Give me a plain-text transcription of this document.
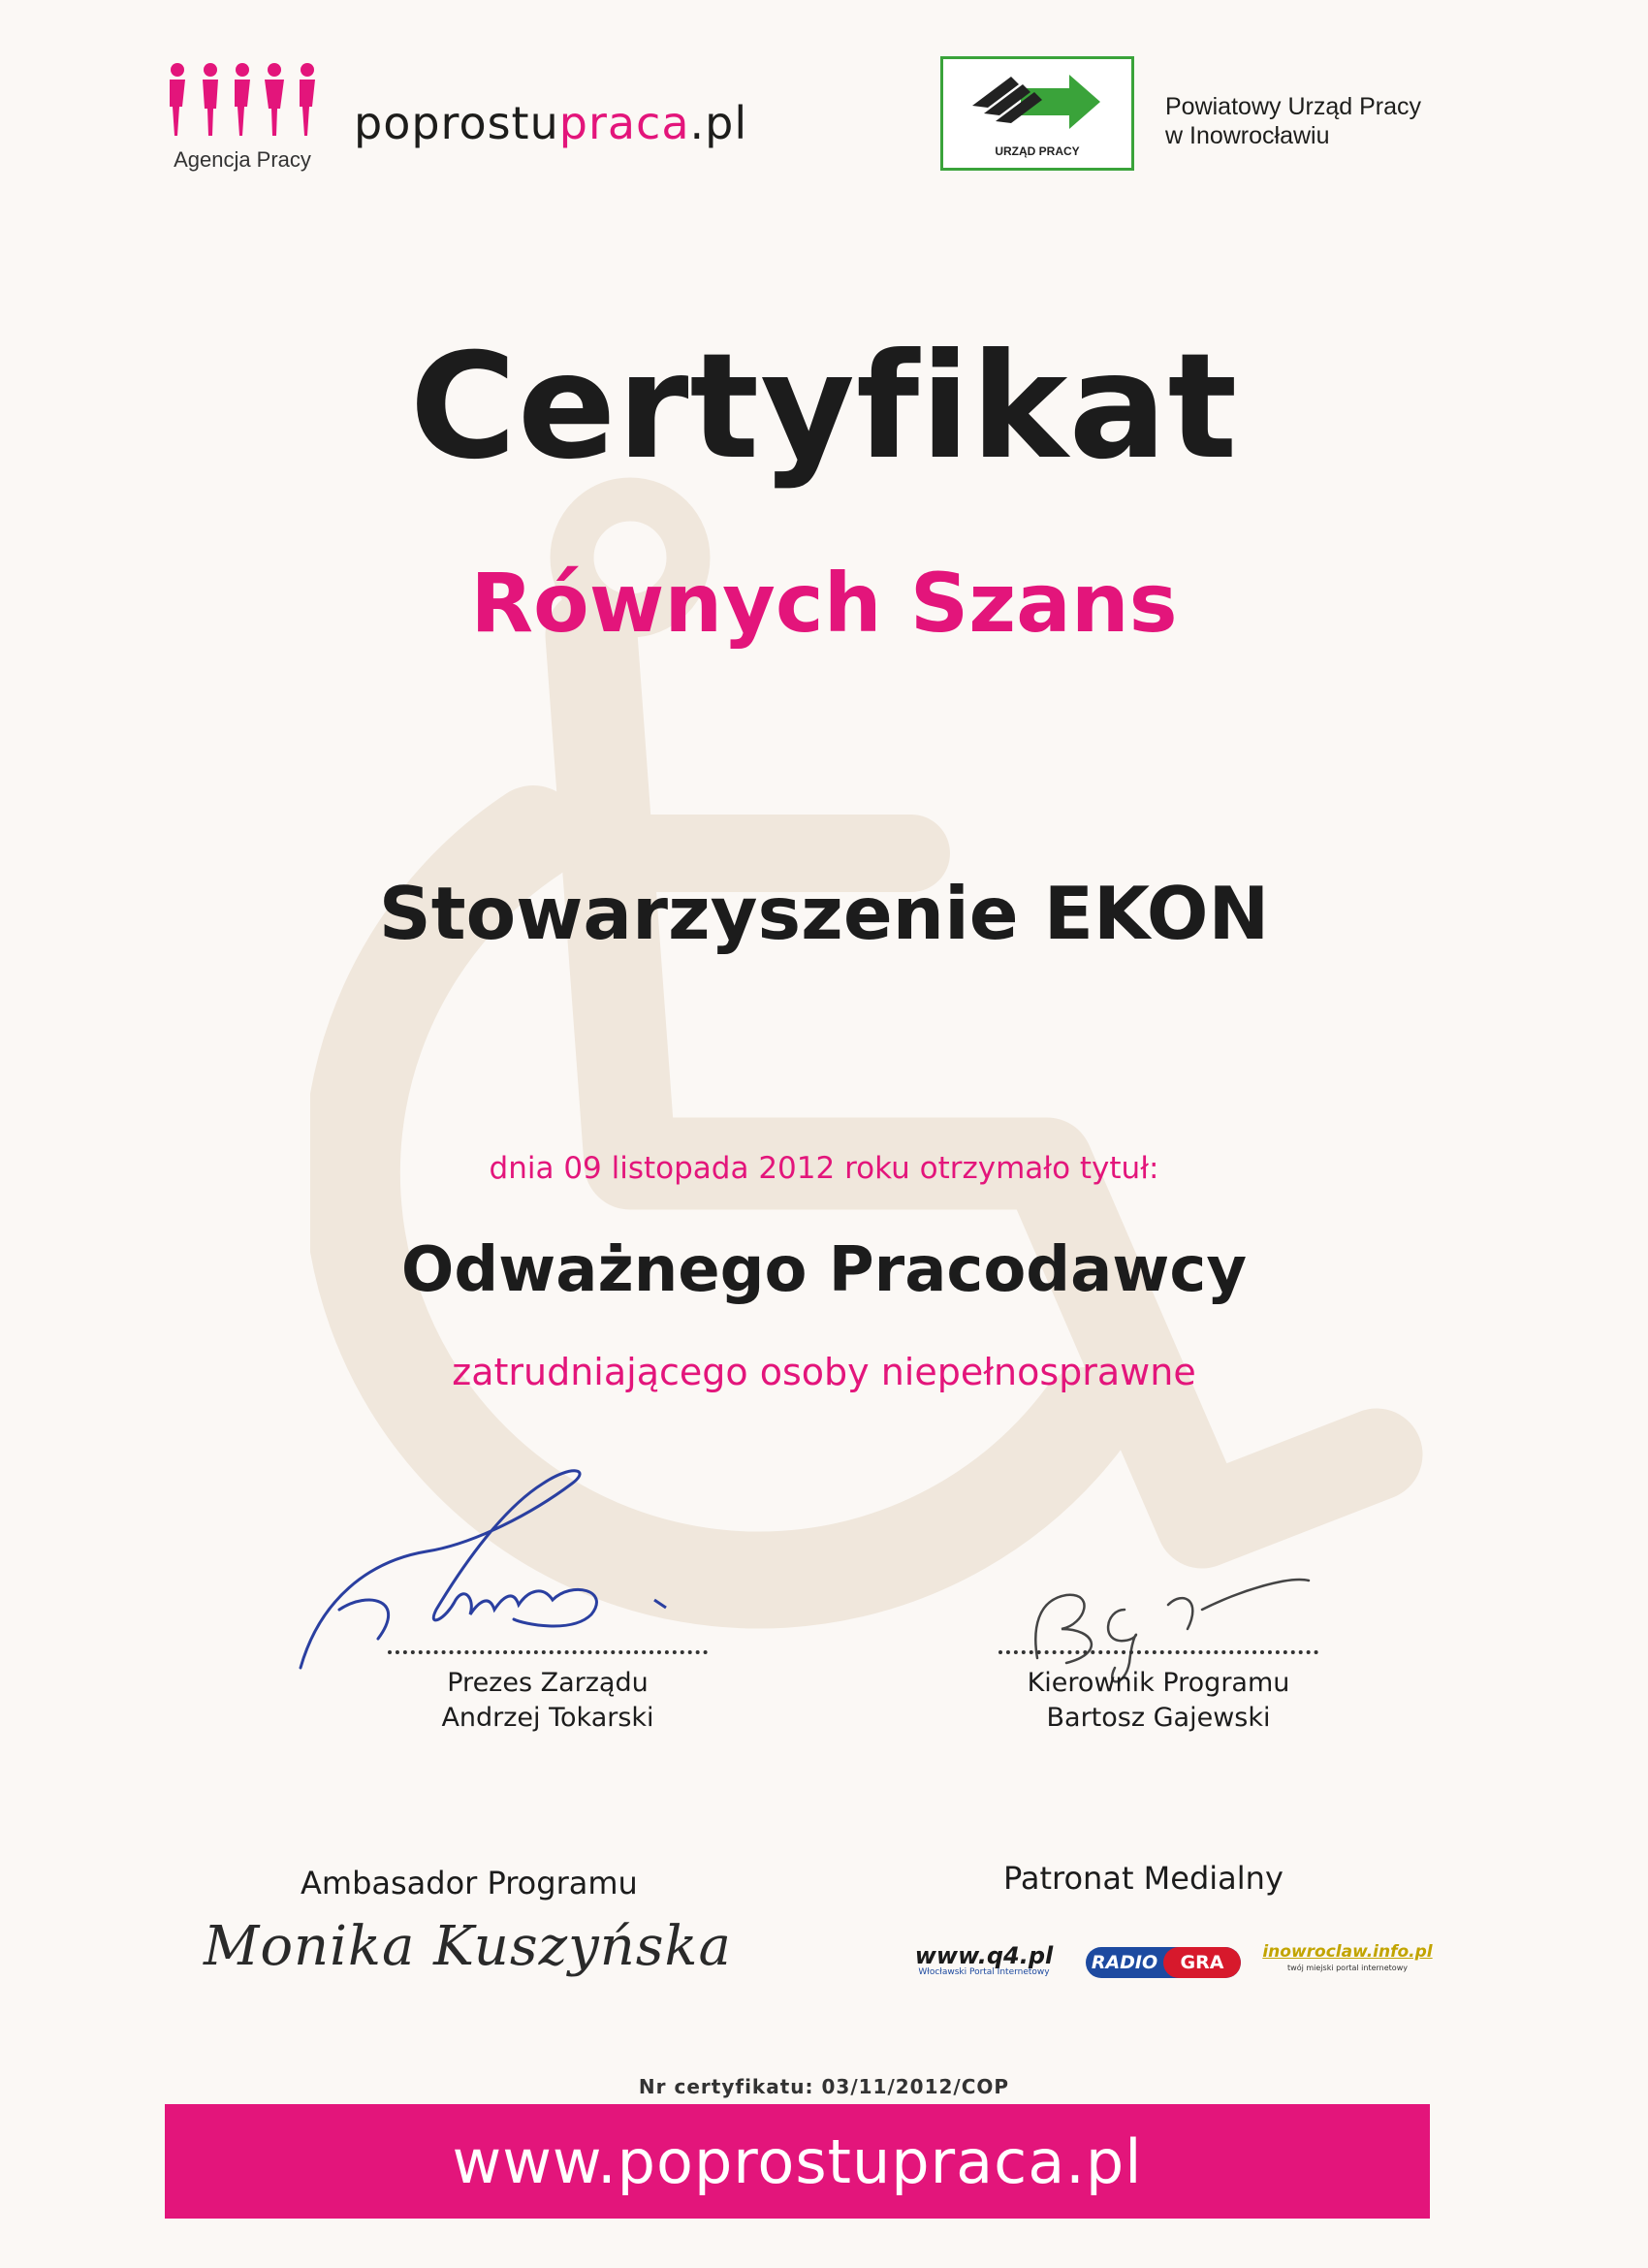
Agencja Pracy
poprostupraca.pl
URZĄD PRACY
Powiatowy Urząd Pracy
w Inowrocławiu
Certyfikat
Równych Szans
Stowarzyszenie EKON
dnia 09 listopada 2012 roku otrzymało tytuł:
Odważnego Pracodawcy
zatrudniającego osoby niepełnosprawne
Prezes Zarządu
Andrzej Tokarski
Kierownik Programu
Bartosz Gajewski
Ambasador Programu
Monika Kuszyńska
Patronat Medialny
www.q4.pl
Włocławski Portal Internetowy	RADIO	GRA	inowroclaw.info.pl
twój miejski portal internetowy
Nr certyfikatu: 03/11/2012/COP
www.poprostupraca.pl
